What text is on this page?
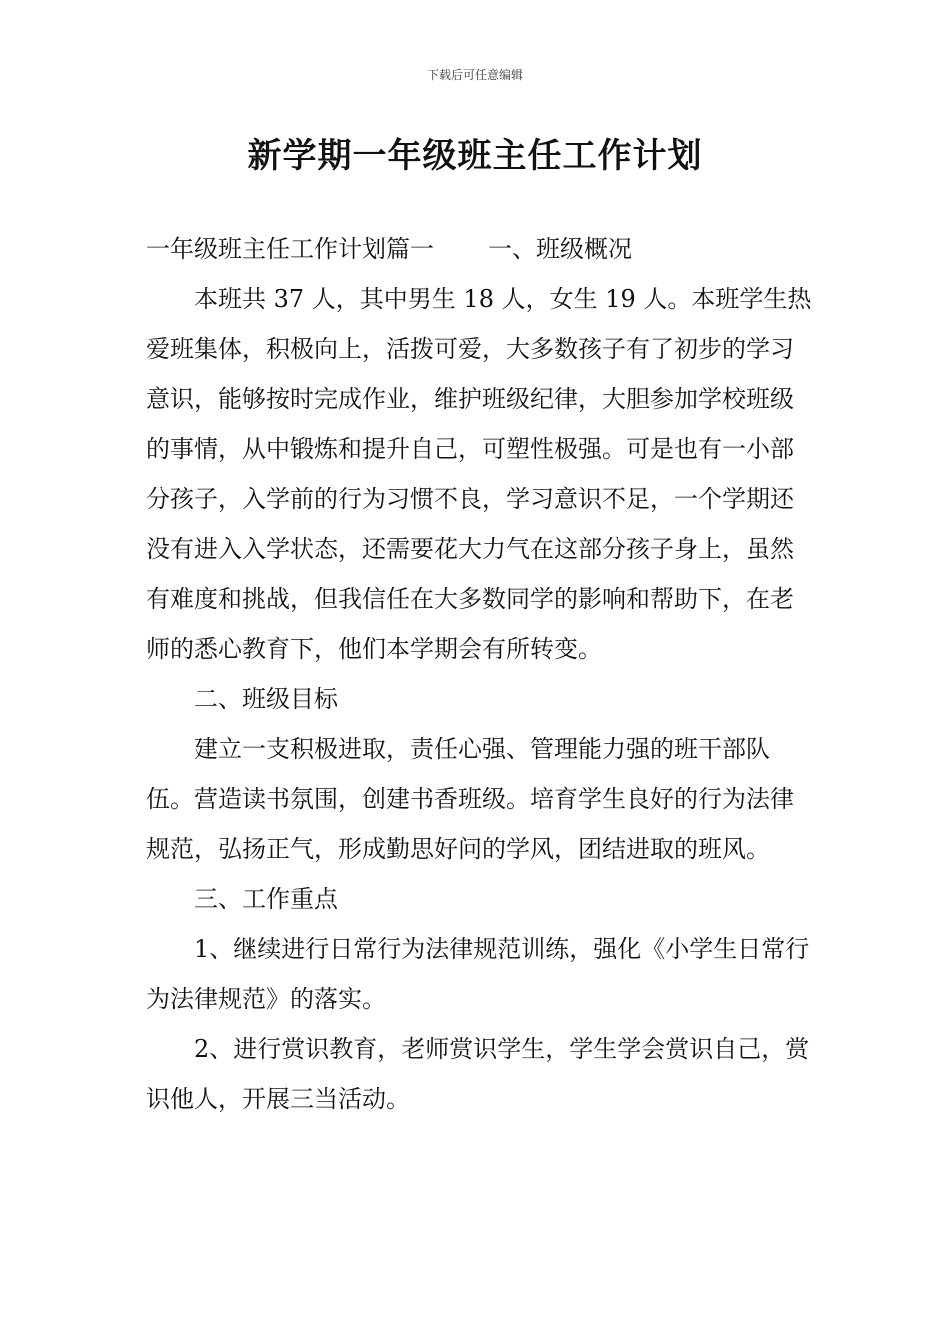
下载后可任意编辑
新学期一年级班主任工作计划

一年级班主任工作计划篇一 一、班级概况

本班共 37 人，其中男生 18 人，女生 19 人。本班学生热爱班集体，积极向上，活拨可爱，大多数孩子有了初步的学习意识，能够按时完成作业，维护班级纪律，大胆参加学校班级的事情，从中锻炼和提升自己，可塑性极强。可是也有一小部分孩子，入学前的行为习惯不良，学习意识不足，一个学期还没有进入入学状态，还需要花大力气在这部分孩子身上，虽然有难度和挑战，但我信任在大多数同学的影响和帮助下，在老师的悉心教育下，他们本学期会有所转变。

二、班级目标

建立一支积极进取，责任心强、管理能力强的班干部队伍。营造读书氛围，创建书香班级。培育学生良好的行为法律规范，弘扬正气，形成勤思好问的学风，团结进取的班风。

三、工作重点

1、继续进行日常行为法律规范训练，强化《小学生日常行为法律规范》的落实。

2、进行赏识教育，老师赏识学生，学生学会赏识自己，赏识他人，开展三当活动。
